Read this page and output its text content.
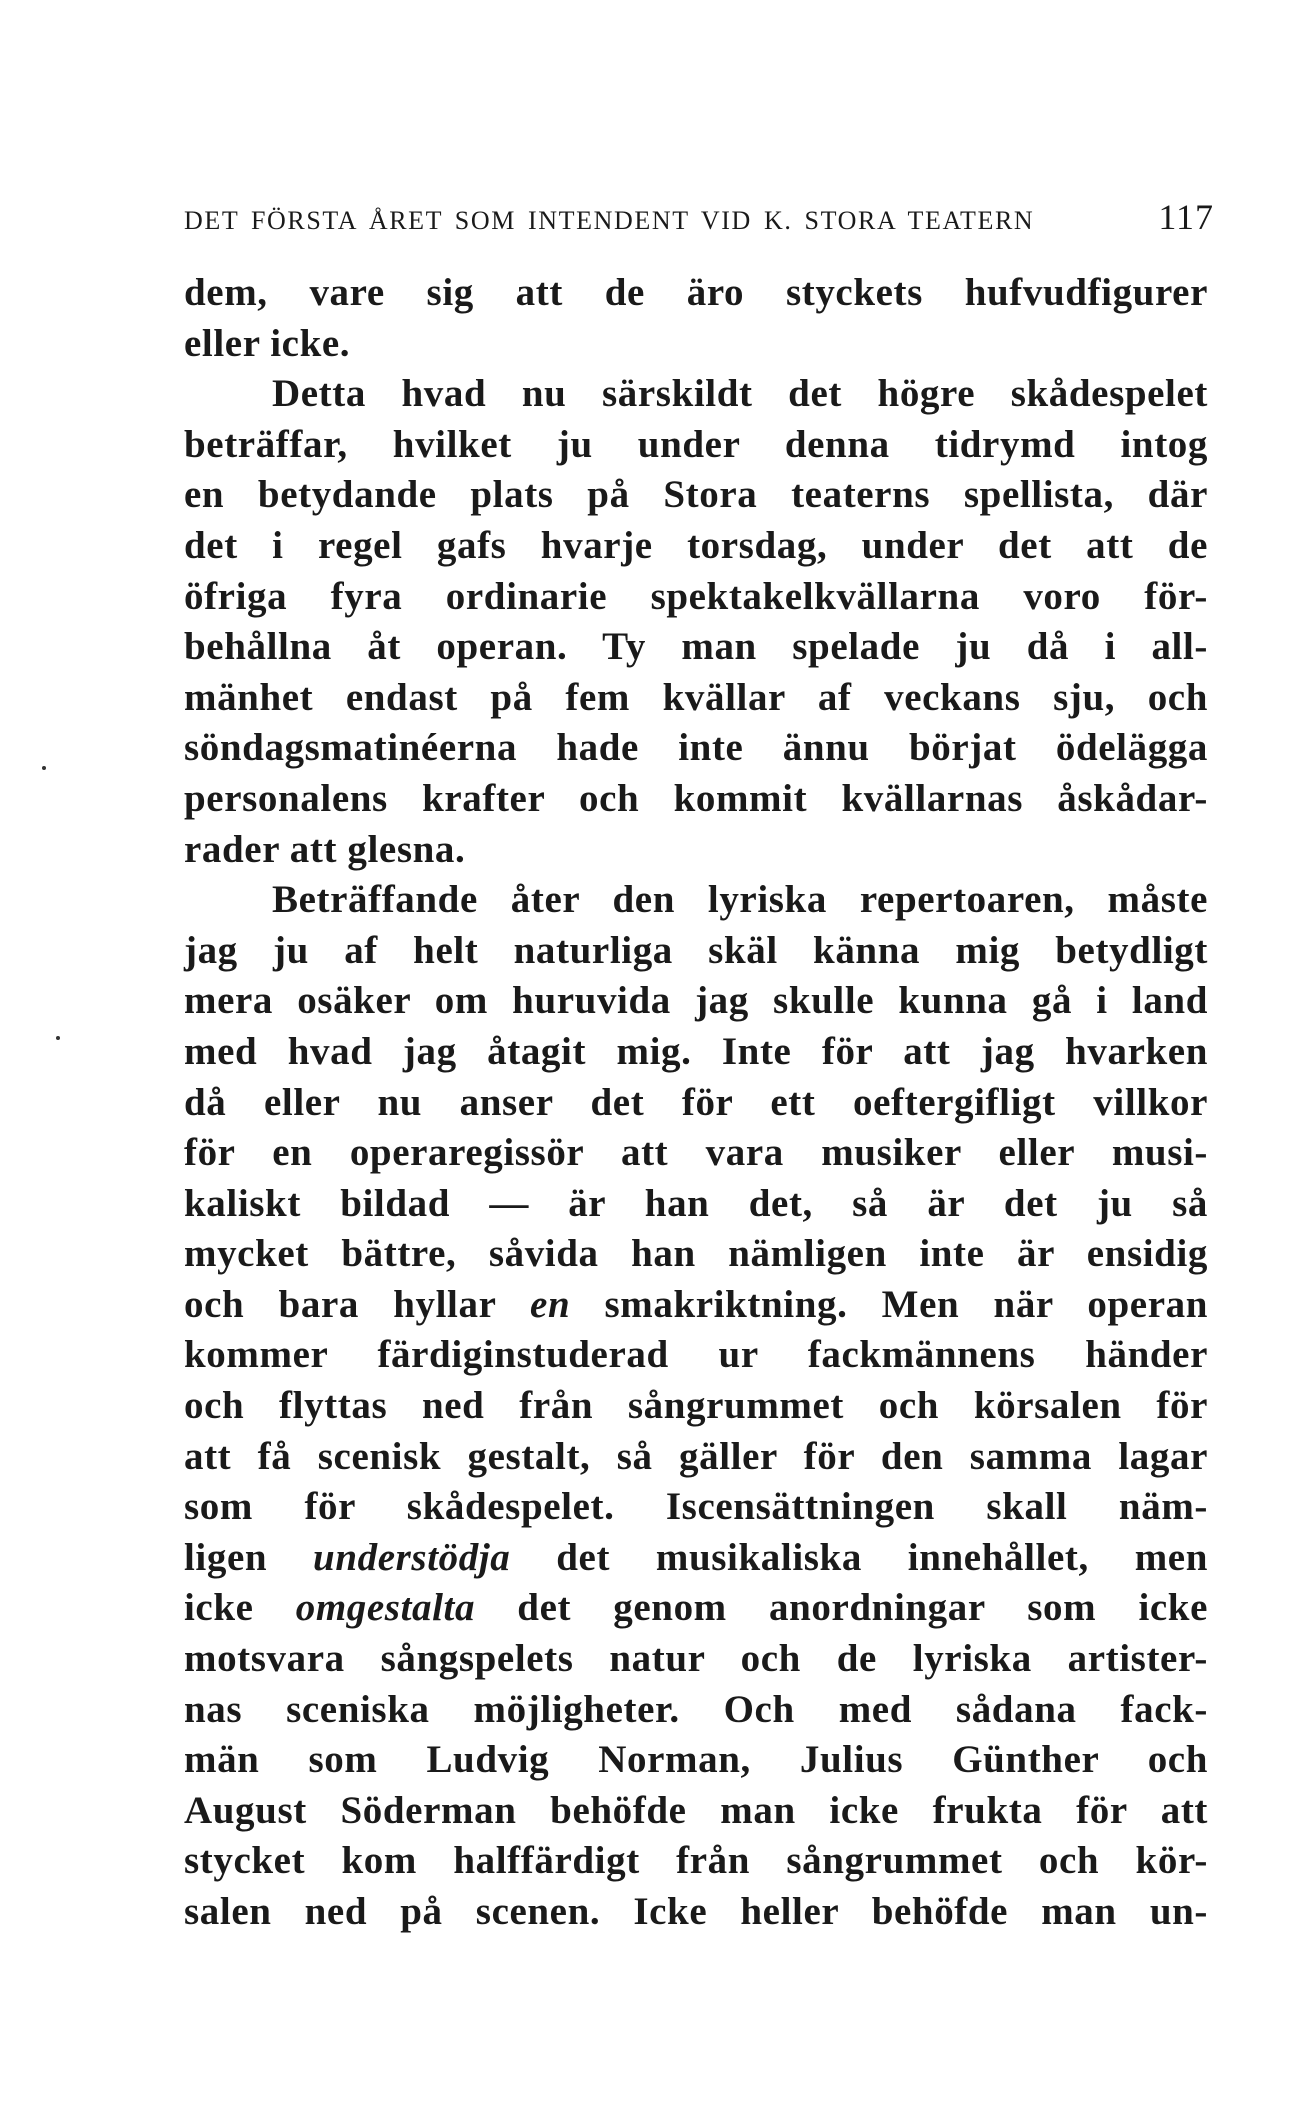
DET FÖRSTA ÅRET SOM INTENDENT VID K. STORA TEATERN	117
dem, vare sig att de äro styckets hufvudfigurer
eller icke.
Detta hvad nu särskildt det högre skådespelet
beträffar, hvilket ju under denna tidrymd intog
en betydande plats på Stora teaterns spellista, där
det i regel gafs hvarje torsdag, under det att de
öfriga fyra ordinarie spektakelkvällarna voro för-
behållna åt operan. Ty man spelade ju då i all-
mänhet endast på fem kvällar af veckans sju, och
söndagsmatinéerna hade inte ännu börjat ödelägga
personalens krafter och kommit kvällarnas åskådar-
rader att glesna.
Beträffande åter den lyriska repertoaren, måste
jag ju af helt naturliga skäl känna mig betydligt
mera osäker om huruvida jag skulle kunna gå i land
med hvad jag åtagit mig. Inte för att jag hvarken
då eller nu anser det för ett oeftergifligt villkor
för en operaregissör att vara musiker eller musi-
kaliskt bildad — är han det, så är det ju så
mycket bättre, såvida han nämligen inte är ensidig
och bara hyllar en smakriktning. Men när operan
kommer färdiginstuderad ur fackmännens händer
och flyttas ned från sångrummet och körsalen för
att få scenisk gestalt, så gäller för den samma lagar
som för skådespelet. Iscensättningen skall näm-
ligen understödja det musikaliska innehållet, men
icke omgestalta det genom anordningar som icke
motsvara sångspelets natur och de lyriska artister-
nas sceniska möjligheter. Och med sådana fack-
män som Ludvig Norman, Julius Günther och
August Söderman behöfde man icke frukta för att
stycket kom halffärdigt från sångrummet och kör-
salen ned på scenen. Icke heller behöfde man un-
